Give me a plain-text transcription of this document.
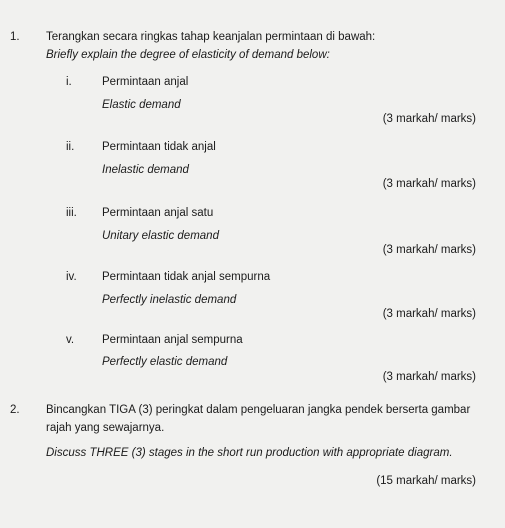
1. Terangkan secara ringkas tahap keanjalan permintaan di bawah:
Briefly explain the degree of elasticity of demand below:
i.	Permintaan anjal
Elastic demand
(3 markah/ marks)
ii. Permintaan tidak anjal
Inelastic demand
(3 markah/ marks)
iii. Permintaan anjal satu
Unitary elastic demand
(3 markah/ marks)
iv. Permintaan tidak anjal sempurna
Perfectly inelastic demand
(3 markah/ marks)
v. Permintaan anjal sempurna
Perfectly elastic demand
(3 markah/ marks)
2. Bincangkan TIGA (3) peringkat dalam pengeluaran jangka pendek berserta gambar
rajah yang sewajarnya.
Discuss THREE (3) stages in the short run production with appropriate diagram.
(15 markah/ marks)
